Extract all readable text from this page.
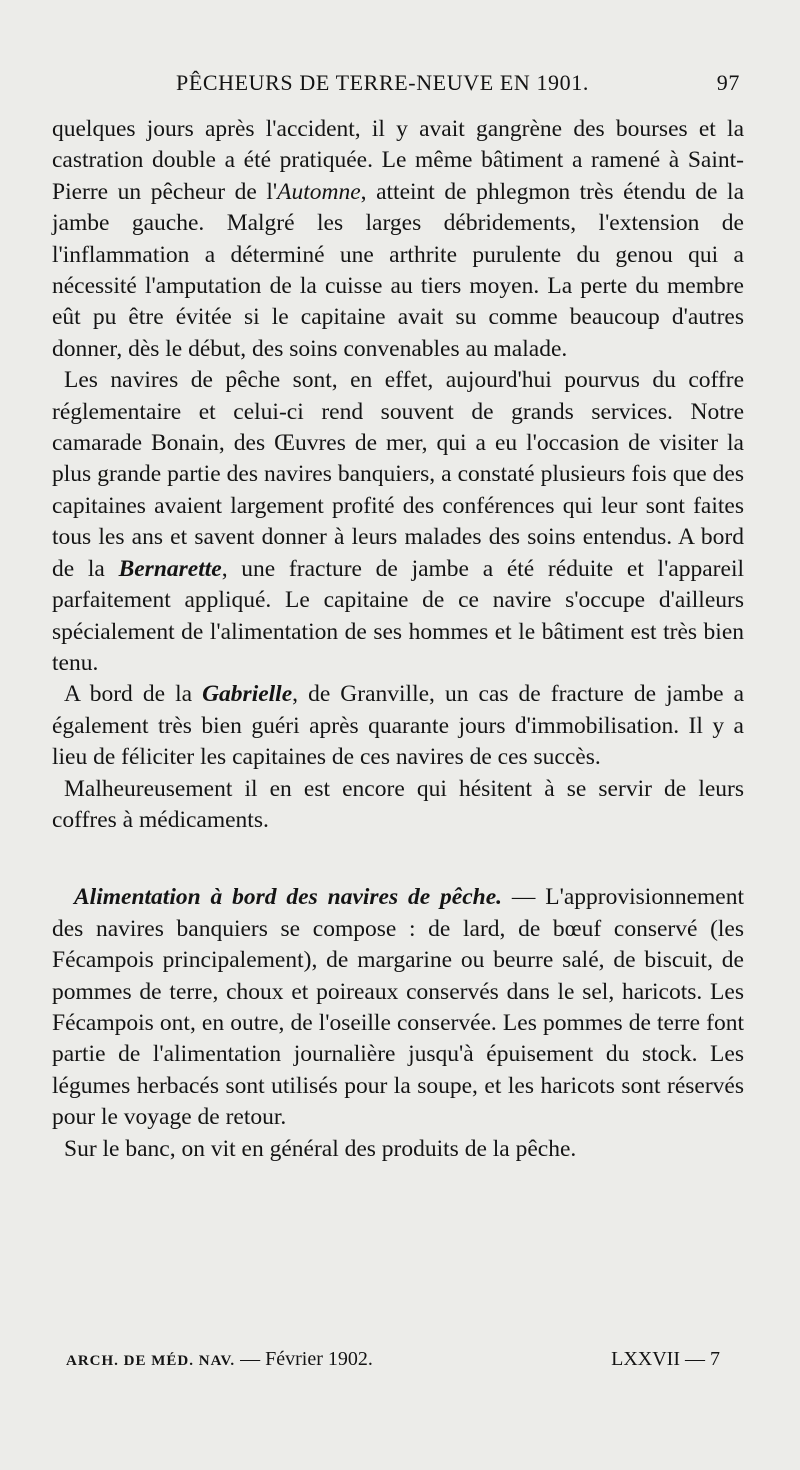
PÊCHEURS DE TERRE-NEUVE EN 1901.	97

quelques jours après l'accident, il y avait gangrène des bourses et la castration double a été pratiquée. Le même bâtiment a ramené à Saint-Pierre un pêcheur de l'Automne, atteint de phlegmon très étendu de la jambe gauche. Malgré les larges débridements, l'extension de l'inflammation a déterminé une arthrite purulente du genou qui a nécessité l'amputation de la cuisse au tiers moyen. La perte du membre eût pu être évitée si le capitaine avait su comme beaucoup d'autres donner, dès le début, des soins convenables au malade.

Les navires de pêche sont, en effet, aujourd'hui pourvus du coffre réglementaire et celui-ci rend souvent de grands services. Notre camarade Bonain, des Œuvres de mer, qui a eu l'occasion de visiter la plus grande partie des navires banquiers, a constaté plusieurs fois que des capitaines avaient largement profité des conférences qui leur sont faites tous les ans et savent donner à leurs malades des soins entendus. A bord de la Bernarette, une fracture de jambe a été réduite et l'appareil parfaitement appliqué. Le capitaine de ce navire s'occupe d'ailleurs spécialement de l'alimentation de ses hommes et le bâtiment est très bien tenu.

A bord de la Gabrielle, de Granville, un cas de fracture de jambe a également très bien guéri après quarante jours d'immobilisation. Il y a lieu de féliciter les capitaines de ces navires de ces succès.

Malheureusement il en est encore qui hésitent à se servir de leurs coffres à médicaments.

Alimentation à bord des navires de pêche. — L'approvisionnement des navires banquiers se compose : de lard, de bœuf conservé (les Fécampois principalement), de margarine ou beurre salé, de biscuit, de pommes de terre, choux et poireaux conservés dans le sel, haricots. Les Fécampois ont, en outre, de l'oseille conservée. Les pommes de terre font partie de l'alimentation journalière jusqu'à épuisement du stock. Les légumes herbacés sont utilisés pour la soupe, et les haricots sont réservés pour le voyage de retour.

Sur le banc, on vit en général des produits de la pêche.

ARCH. DE MÉD. NAV. — Février 1902.	LXXVII — 7
